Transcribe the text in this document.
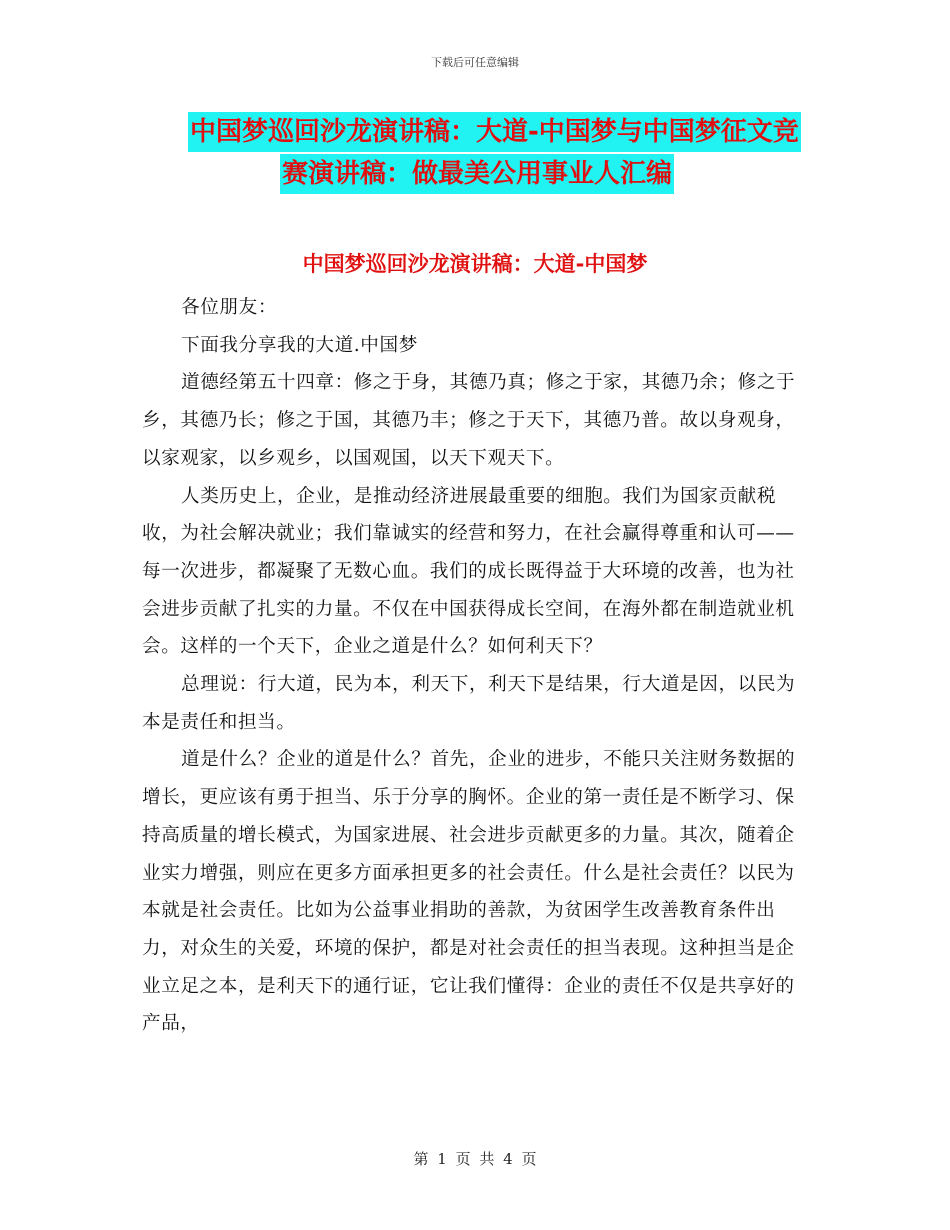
下载后可任意编辑
中国梦巡回沙龙演讲稿：大道-中国梦与中国梦征文竞
赛演讲稿：做最美公用事业人汇编
中国梦巡回沙龙演讲稿：大道-中国梦

各位朋友：

下面我分享我的大道.中国梦

道德经第五十四章：修之于身，其德乃真；修之于家，其德乃余；修之于乡，其德乃长；修之于国，其德乃丰；修之于天下，其德乃普。故以身观身，以家观家，以乡观乡，以国观国，以天下观天下。

人类历史上，企业，是推动经济进展最重要的细胞。我们为国家贡献税收，为社会解决就业；我们靠诚实的经营和努力，在社会赢得尊重和认可——每一次进步，都凝聚了无数心血。我们的成长既得益于大环境的改善，也为社会进步贡献了扎实的力量。不仅在中国获得成长空间，在海外都在制造就业机会。这样的一个天下，企业之道是什么？如何利天下？

总理说：行大道，民为本，利天下，利天下是结果，行大道是因，以民为本是责任和担当。

道是什么？企业的道是什么？首先，企业的进步，不能只关注财务数据的增长，更应该有勇于担当、乐于分享的胸怀。企业的第一责任是不断学习、保持高质量的增长模式，为国家进展、社会进步贡献更多的力量。其次，随着企业实力增强，则应在更多方面承担更多的社会责任。什么是社会责任？以民为本就是社会责任。比如为公益事业捐助的善款，为贫困学生改善教育条件出力，对众生的关爱，环境的保护，都是对社会责任的担当表现。这种担当是企业立足之本，是利天下的通行证，它让我们懂得：企业的责任不仅是共享好的产品，

第 1 页 共 4 页
